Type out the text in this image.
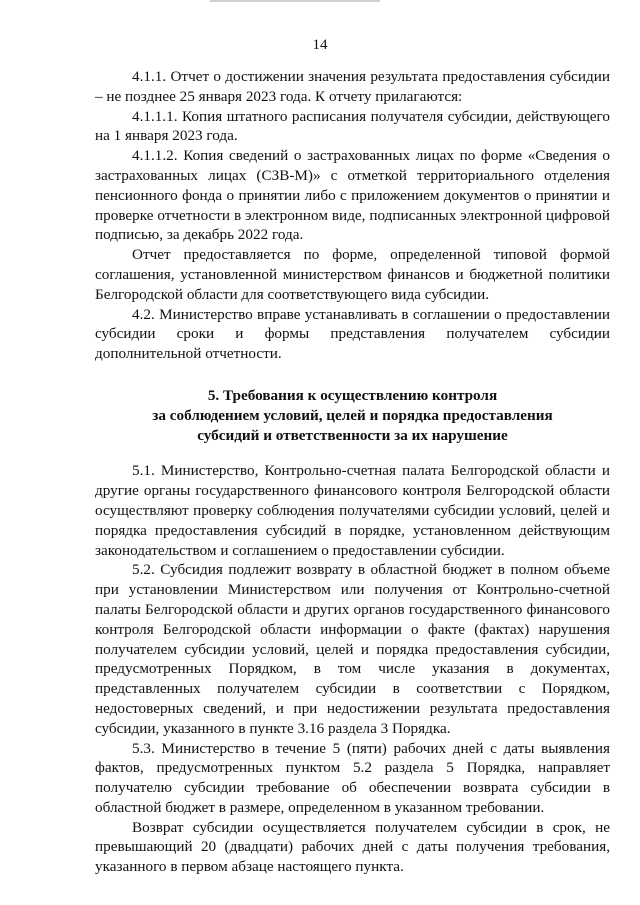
14

4.1.1. Отчет о достижении значения результата предоставления субсидии – не позднее 25 января 2023 года. К отчету прилагаются:

4.1.1.1. Копия штатного расписания получателя субсидии, действующего на 1 января 2023 года.

4.1.1.2. Копия сведений о застрахованных лицах по форме «Сведения о застрахованных лицах (СЗВ-М)» с отметкой территориального отделения пенсионного фонда о принятии либо с приложением документов о принятии и проверке отчетности в электронном виде, подписанных электронной цифровой подписью, за декабрь 2022 года.

Отчет предоставляется по форме, определенной типовой формой соглашения, установленной министерством финансов и бюджетной политики Белгородской области для соответствующего вида субсидии.

4.2. Министерство вправе устанавливать в соглашении о предоставлении субсидии сроки и формы представления получателем субсидии дополнительной отчетности.

5. Требования к осуществлению контроля
за соблюдением условий, целей и порядка предоставления
субсидий и ответственности за их нарушение

5.1. Министерство, Контрольно-счетная палата Белгородской области и другие органы государственного финансового контроля Белгородской области осуществляют проверку соблюдения получателями субсидии условий, целей и порядка предоставления субсидий в порядке, установленном действующим законодательством и соглашением о предоставлении субсидии.

5.2. Субсидия подлежит возврату в областной бюджет в полном объеме при установлении Министерством или получения от Контрольно-счетной палаты Белгородской области и других органов государственного финансового контроля Белгородской области информации о факте (фактах) нарушения получателем субсидии условий, целей и порядка предоставления субсидии, предусмотренных Порядком, в том числе указания в документах, представленных получателем субсидии в соответствии с Порядком, недостоверных сведений, и при недостижении результата предоставления субсидии, указанного в пункте 3.16 раздела 3 Порядка.

5.3. Министерство в течение 5 (пяти) рабочих дней с даты выявления фактов, предусмотренных пунктом 5.2 раздела 5 Порядка, направляет получателю субсидии требование об обеспечении возврата субсидии в областной бюджет в размере, определенном в указанном требовании.

Возврат субсидии осуществляется получателем субсидии в срок, не превышающий 20 (двадцати) рабочих дней с даты получения требования, указанного в первом абзаце настоящего пункта.
